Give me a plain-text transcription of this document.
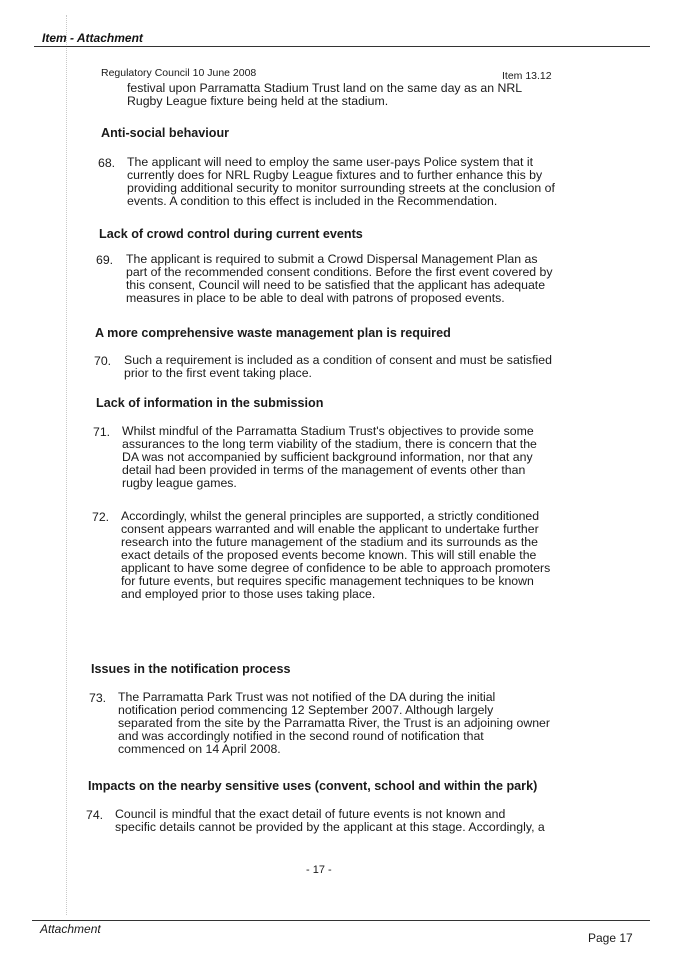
Item - Attachment
Regulatory Council 10 June 2008	Item 13.12
festival upon Parramatta Stadium Trust land on the same day as an NRL
Rugby League fixture being held at the stadium.
Anti-social behaviour
68. The applicant will need to employ the same user-pays Police system that it
currently does for NRL Rugby League fixtures and to further enhance this by
providing additional security to monitor surrounding streets at the conclusion of
events. A condition to this effect is included in the Recommendation.
Lack of crowd control during current events
69. The applicant is required to submit a Crowd Dispersal Management Plan as
part of the recommended consent conditions. Before the first event covered by
this consent, Council will need to be satisfied that the applicant has adequate
measures in place to be able to deal with patrons of proposed events.
A more comprehensive waste management plan is required
70. Such a requirement is included as a condition of consent and must be satisfied
prior to the first event taking place.
Lack of information in the submission
71. Whilst mindful of the Parramatta Stadium Trust's objectives to provide some
assurances to the long term viability of the stadium, there is concern that the
DA was not accompanied by sufficient background information, nor that any
detail had been provided in terms of the management of events other than
rugby league games.
72. Accordingly, whilst the general principles are supported, a strictly conditioned
consent appears warranted and will enable the applicant to undertake further
research into the future management of the stadium and its surrounds as the
exact details of the proposed events become known. This will still enable the
applicant to have some degree of confidence to be able to approach promoters
for future events, but requires specific management techniques to be known
and employed prior to those uses taking place.
Issues in the notification process
73. The Parramatta Park Trust was not notified of the DA during the initial
notification period commencing 12 September 2007. Although largely
separated from the site by the Parramatta River, the Trust is an adjoining owner
and was accordingly notified in the second round of notification that
commenced on 14 April 2008.
Impacts on the nearby sensitive uses (convent, school and within the park)
74. Council is mindful that the exact detail of future events is not known and
specific details cannot be provided by the applicant at this stage. Accordingly, a
- 17 -
Attachment
Page 17
